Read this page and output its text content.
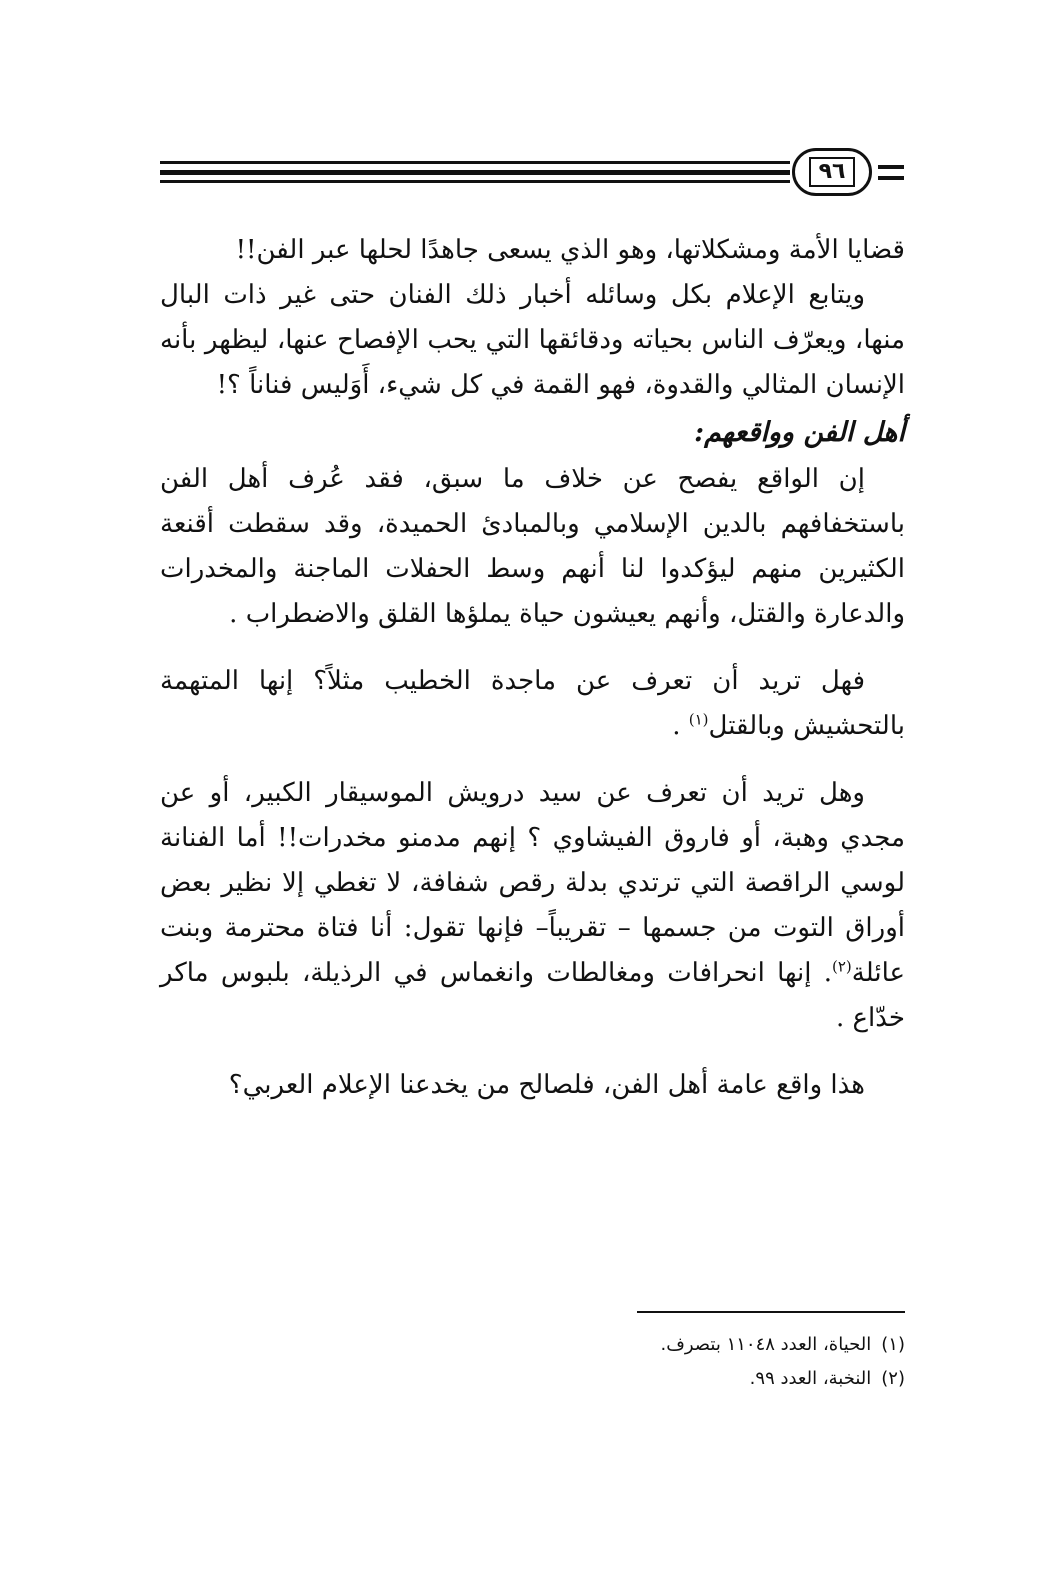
٩٦

قضايا الأمة ومشكلاتها، وهو الذي يسعى جاهدًا لحلها عبر الفن!!

ويتابع الإعلام بكل وسائله أخبار ذلك الفنان حتى غير ذات البال منها، ويعرّف الناس بحياته ودقائقها التي يحب الإفصاح عنها، ليظهر بأنه الإنسان المثالي والقدوة، فهو القمة في كل شيء، أَوَليس فناناً ؟!

أهل الفن وواقعهم:

إن الواقع يفصح عن خلاف ما سبق، فقد عُرف أهل الفن باستخفافهم بالدين الإسلامي وبالمبادئ الحميدة، وقد سقطت أقنعة الكثيرين منهم ليؤكدوا لنا أنهم وسط الحفلات الماجنة والمخدرات والدعارة والقتل، وأنهم يعيشون حياة يملؤها القلق والاضطراب .

فهل تريد أن تعرف عن ماجدة الخطيب مثلاً؟ إنها المتهمة بالتحشيش وبالقتل$^{(١)}$ .

وهل تريد أن تعرف عن سيد درويش الموسيقار الكبير، أو عن مجدي وهبة، أو فاروق الفيشاوي ؟ إنهم مدمنو مخدرات!! أما الفنانة لوسي الراقصة التي ترتدي بدلة رقص شفافة، لا تغطي إلا نظير بعض أوراق التوت من جسمها – تقريباً– فإنها تقول: أنا فتاة محترمة وبنت عائلة$^{(٢)}$. إنها انحرافات ومغالطات وانغماس في الرذيلة، بلبوس ماكر خدّاع .

هذا واقع عامة أهل الفن، فلصالح من يخدعنا الإعلام العربي؟

(١)الحياة، العدد ١١٠٤٨ بتصرف.

(٢)النخبة، العدد ٩٩.
